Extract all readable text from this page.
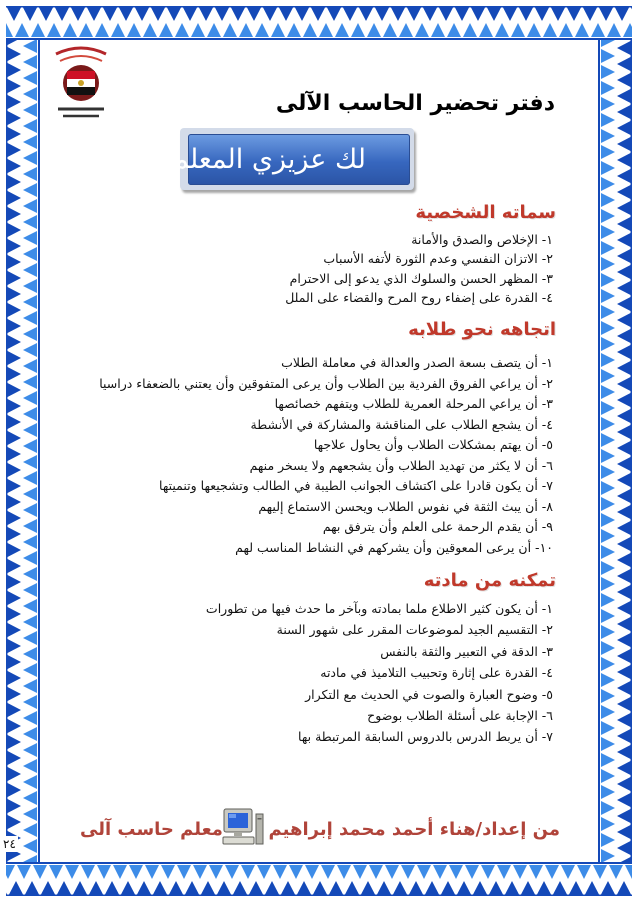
دفتر تحضير الحاسب الآلى
لك عزيزي المعلم
سماته الشخصية
١- الإخلاص والصدق والأمانة
٢- الاتزان النفسي وعدم الثورة لأتفه الأسباب
٣- المظهر الحسن والسلوك الذي يدعو إلى الاحترام
٤- القدرة على إضفاء روح المرح والقضاء على الملل
اتجاهه نحو طلابه
١- أن يتصف بسعة الصدر والعدالة في معاملة الطلاب
٢- أن يراعي الفروق الفردية بين الطلاب وأن يرعى المتفوقين وأن يعتني بالضعفاء دراسيا
٣- أن يراعي المرحلة العمرية للطلاب ويتفهم خصائصها
٤- أن يشجع الطلاب على المناقشة والمشاركة في الأنشطة
٥- أن يهتم بمشكلات الطلاب وأن يحاول علاجها
٦- أن لا يكثر من تهديد الطلاب وأن يشجعهم ولا يسخر منهم
٧- أن يكون قادرا على اكتشاف الجوانب الطيبة في الطالب وتشجيعها وتنميتها
٨- أن يبث الثقة في نفوس الطلاب ويحسن الاستماع إليهم
٩- أن يقدم الرحمة على العلم وأن يترفق بهم
١٠- أن يرعى المعوقين وأن يشركهم في النشاط المناسب لهم
تمكنه من مادته
١- أن يكون كثير الاطلاع ملما بمادته وبآخر ما حدث فيها من تطورات
٢- التقسيم الجيد لموضوعات المقرر على شهور السنة
٣- الدقة في التعبير والثقة بالنفس
٤- القدرة على إثارة وتحبيب التلاميذ في مادته
٥- وضوح العبارة والصوت في الحديث مع التكرار
٦- الإجابة على أسئلة الطلاب بوضوح
٧- أن يربط الدرس بالدروس السابقة المرتبطة بها
من إعداد/هناء أحمد محمد إبراهيم
معلم حاسب آلى
٢٤
